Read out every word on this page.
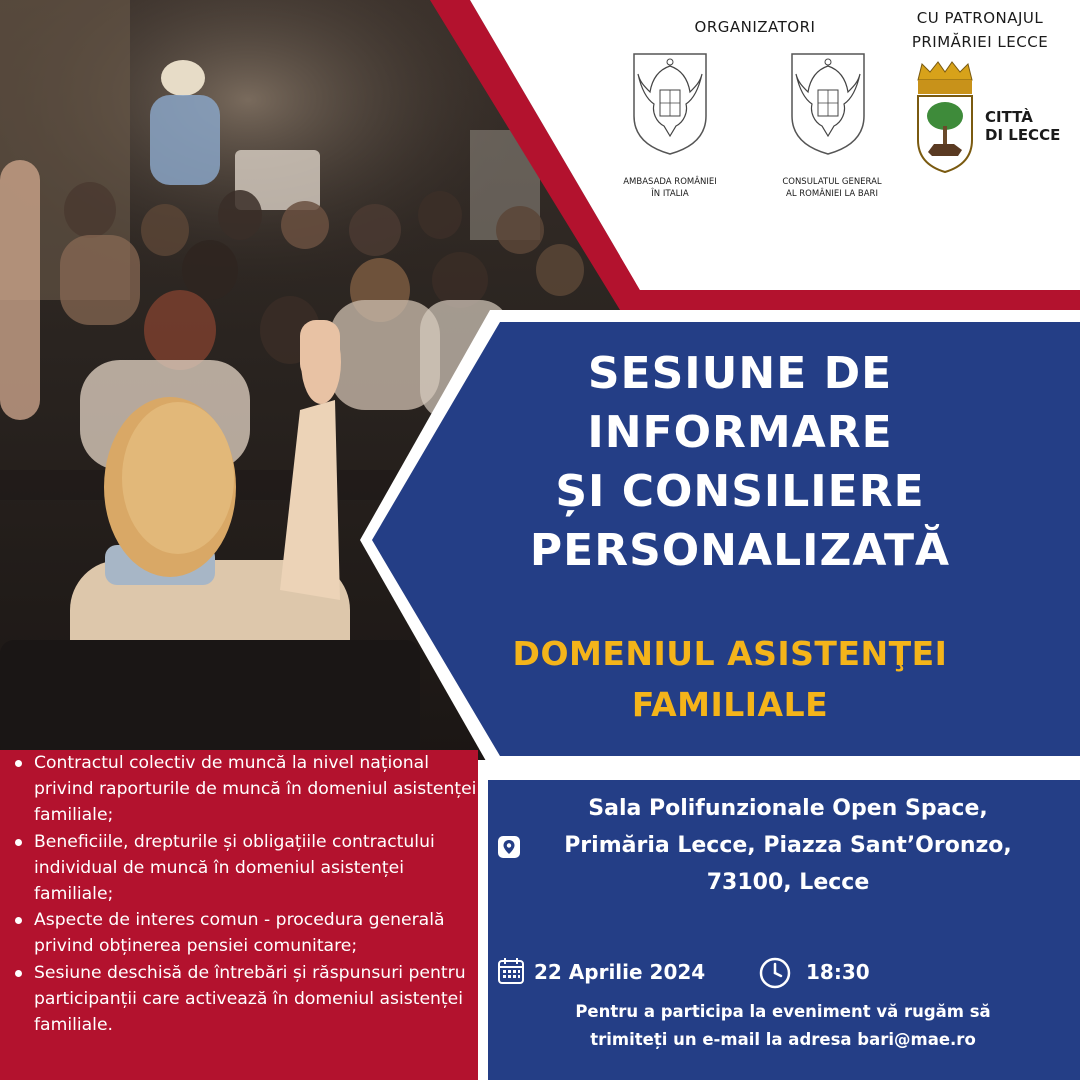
ORGANIZATORI	CU PATRONAJUL
PRIMĂRIEI LECCE
AMBASADA ROMÂNIEI
ÎN ITALIA
CONSULATUL GENERAL
AL ROMÂNIEI LA BARI
CITTÀ
DI LECCE
SESIUNE DE
INFORMARE
ȘI CONSILIERE
PERSONALIZATĂ
DOMENIUL ASISTENŢEI
FAMILIALE
Contractul colectiv de muncă la nivel național privind raporturile de muncă în domeniul asistenței familiale;
Beneficiile, drepturile și obligațiile contractului individual de muncă în domeniul asistenței familiale;
Aspecte de interes comun - procedura generală privind obținerea pensiei comunitare;
Sesiune deschisă de întrebări și răspunsuri pentru participanții care activează în domeniul asistenței familiale.
Sala Polifunzionale Open Space,
Primăria Lecce, Piazza Sant’Oronzo,
73100, Lecce
22 Aprilie 2024	18:30
Pentru a participa la eveniment vă rugăm să
trimiteți un e-mail la adresa bari@mae.ro
